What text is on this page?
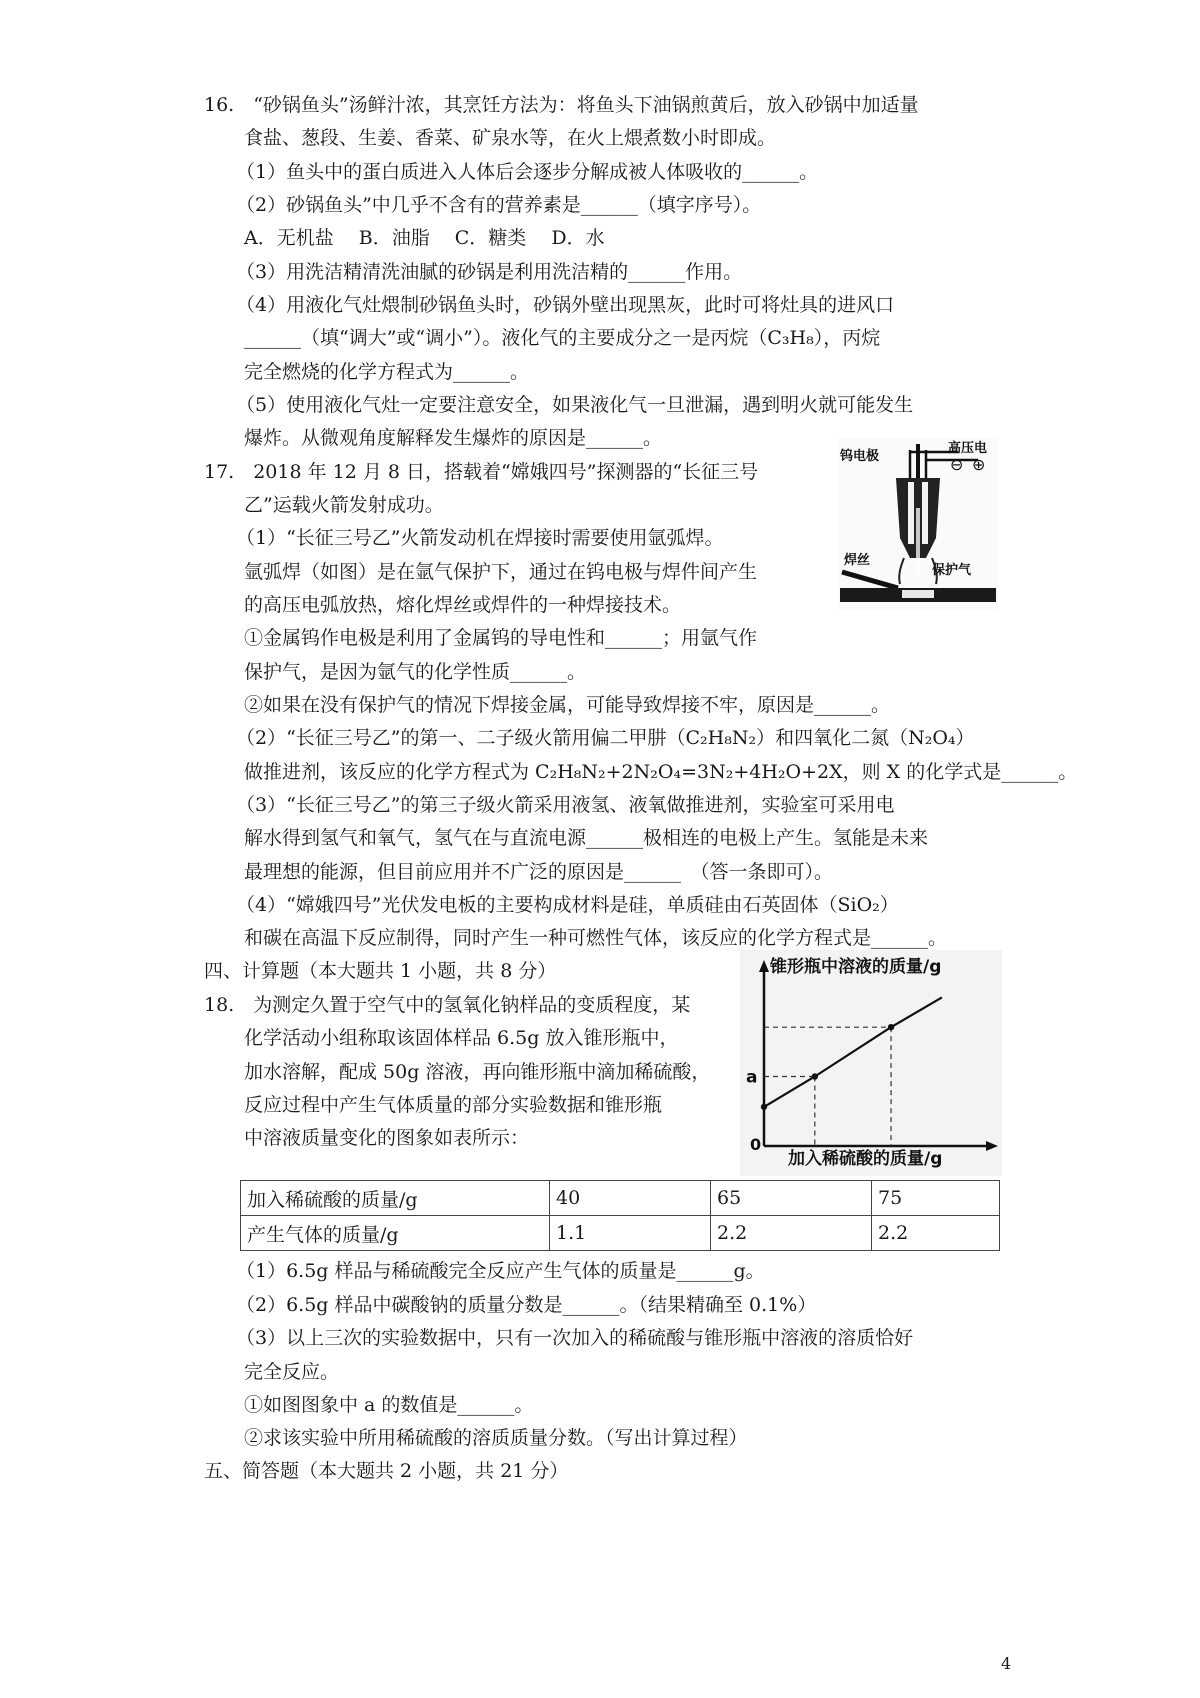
16.　“砂锅鱼头”汤鲜汁浓，其烹饪方法为：将鱼头下油锅煎黄后，放入砂锅中加适量
食盐、葱段、生姜、香菜、矿泉水等，在火上煨煮数小时即成。
（1）鱼头中的蛋白质进入人体后会逐步分解成被人体吸收的______。
（2）砂锅鱼头”中几乎不含有的营养素是______（填字序号）。
A．无机盐　 B．油脂　 C．糖类　 D．水
（3）用洗洁精清洗油腻的砂锅是利用洗洁精的______作用。
（4）用液化气灶煨制砂锅鱼头时，砂锅外壁出现黑灰，此时可将灶具的进风口
______（填“调大”或“调小”）。液化气的主要成分之一是丙烷（C₃H₈），丙烷
完全燃烧的化学方程式为______。
（5）使用液化气灶一定要注意安全，如果液化气一旦泄漏，遇到明火就可能发生
爆炸。从微观角度解释发生爆炸的原因是______。
17.　2018 年 12 月 8 日，搭载着“嫦娥四号”探测器的“长征三号
乙”运载火箭发射成功。
（1）“长征三号乙”火箭发动机在焊接时需要使用氩弧焊。
氩弧焊（如图）是在氩气保护下，通过在钨电极与焊件间产生
的高压电弧放热，熔化焊丝或焊件的一种焊接技术。
①金属钨作电极是利用了金属钨的导电性和______；用氩气作
保护气，是因为氩气的化学性质______。
②如果在没有保护气的情况下焊接金属，可能导致焊接不牢，原因是______。
（2）“长征三号乙”的第一、二子级火箭用偏二甲肼（C₂H₈N₂）和四氧化二氮（N₂O₄）
做推进剂，该反应的化学方程式为 C₂H₈N₂+2N₂O₄=3N₂+4H₂O+2X，则 X 的化学式是______。
（3）“长征三号乙”的第三子级火箭采用液氢、液氧做推进剂，实验室可采用电
解水得到氢气和氧气，氢气在与直流电源______极相连的电极上产生。氢能是未来
最理想的能源，但目前应用并不广泛的原因是______　（答一条即可）。
（4）“嫦娥四号”光伏发电板的主要构成材料是硅，单质硅由石英固体（SiO₂）
和碳在高温下反应制得，同时产生一种可燃性气体，该反应的化学方程式是______。
钨电极
高压电
⊖ ⊕
焊丝
保护气
四、计算题（本大题共 1 小题，共 8 分）
18.　为测定久置于空气中的氢氧化钠样品的变质程度，某
化学活动小组称取该固体样品 6.5g 放入锥形瓶中，
加水溶解，配成 50g 溶液，再向锥形瓶中滴加稀硫酸，
反应过程中产生气体质量的部分实验数据和锥形瓶
中溶液质量变化的图象如表所示：
锥形瓶中溶液的质量/g
加入稀硫酸的质量/g
0
a
加入稀硫酸的质量/g	40	65	75
产生气体的质量/g	1.1	2.2	2.2
（1）6.5g 样品与稀硫酸完全反应产生气体的质量是______g。
（2）6.5g 样品中碳酸钠的质量分数是______。（结果精确至 0.1%）
（3）以上三次的实验数据中，只有一次加入的稀硫酸与锥形瓶中溶液的溶质恰好
完全反应。
①如图图象中 a 的数值是______。
②求该实验中所用稀硫酸的溶质质量分数。（写出计算过程）
五、简答题（本大题共 2 小题，共 21 分）
4
